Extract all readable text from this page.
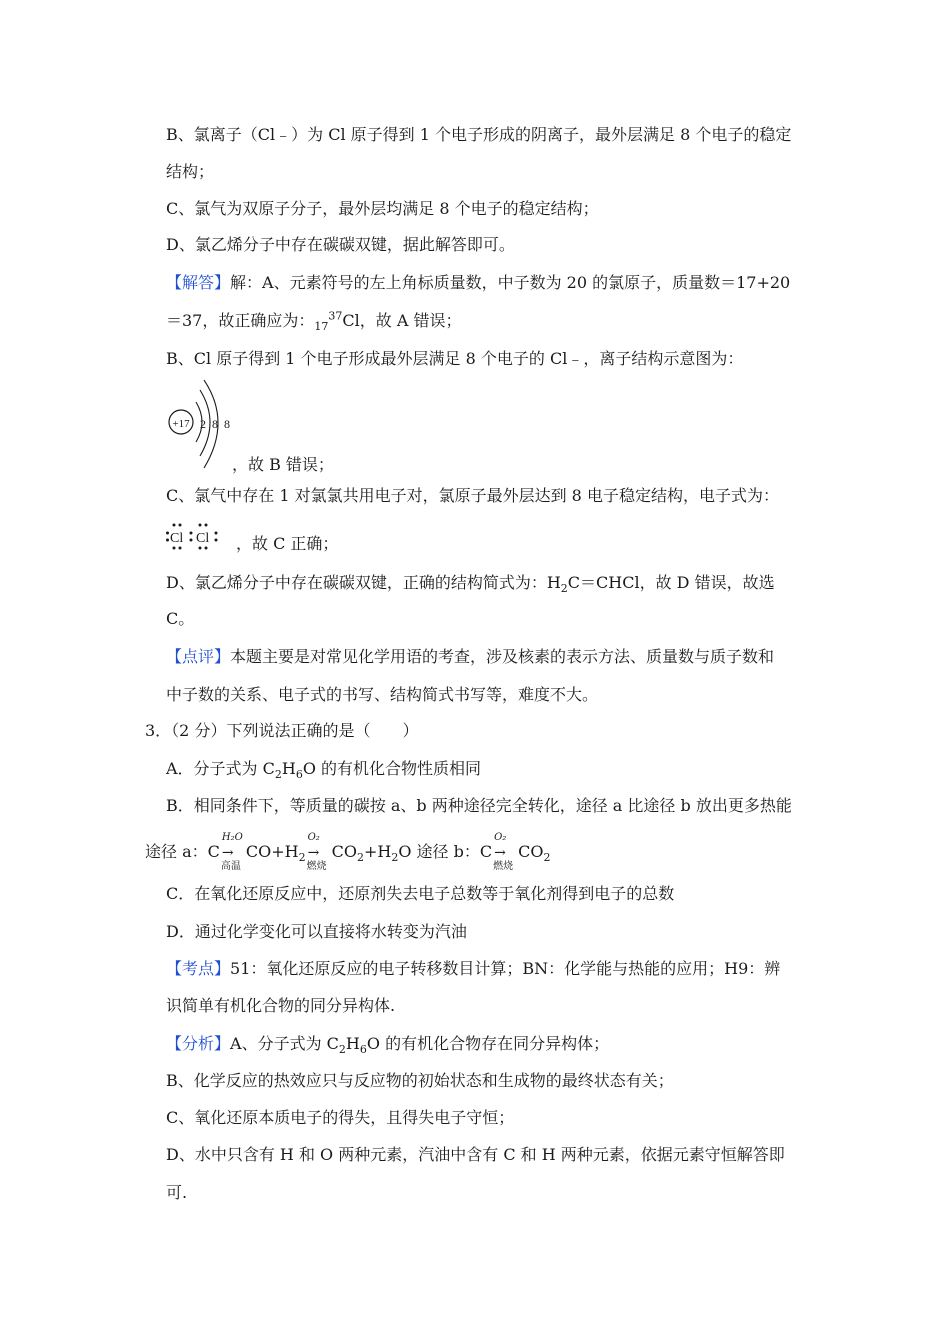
B、氯离子（Cl﹣）为 Cl 原子得到 1 个电子形成的阴离子，最外层满足 8 个电子的稳定
结构；
C、氯气为双原子分子，最外层均满足 8 个电子的稳定结构；
D、氯乙烯分子中存在碳碳双键，据此解答即可。
【解答】解：A、元素符号的左上角标质量数，中子数为 20 的氯原子，质量数＝17+20
＝37，故正确应为：$_{17}^{37}$Cl，故 A 错误；
B、Cl 原子得到 1 个电子形成最外层满足 8 个电子的 Cl﹣，离子结构示意图为：
+17 2 8 8
，故 B 错误；
C、氯气中存在 1 对氯氯共用电子对，氯原子最外层达到 8 电子稳定结构，电子式为：
Cl Cl ，故 C 正确；
D、氯乙烯分子中存在碳碳双键，正确的结构简式为：$H_2C=CHCl$，故 D 错误，故选
C。
【点评】本题主要是对常见化学用语的考查，涉及核素的表示方法、质量数与质子数和
中子数的关系、电子式的书写、结构简式书写等，难度不大。
3．（2 分）下列说法正确的是（　　）
A．分子式为 $C_2H_6O$ 的有机化合物性质相同
B．相同条件下，等质量的碳按 a、b 两种途径完全转化，途径 a 比途径 b 放出更多热能
途径 a：C
H₂O
→
高温
$CO+H_2$
O₂
→
燃烧
$CO_2+H_2O$ 途径 b：C
O₂
→
燃烧
$CO_2$
C．在氧化还原反应中，还原剂失去电子总数等于氧化剂得到电子的总数
D．通过化学变化可以直接将水转变为汽油
【考点】51：氧化还原反应的电子转移数目计算；BN：化学能与热能的应用；H9：辨
识简单有机化合物的同分异构体.
【分析】A、分子式为 $C_2H_6O$ 的有机化合物存在同分异构体；
B、化学反应的热效应只与反应物的初始状态和生成物的最终状态有关；
C、氧化还原本质电子的得失，且得失电子守恒；
D、水中只含有 H 和 O 两种元素，汽油中含有 C 和 H 两种元素，依据元素守恒解答即
可.
